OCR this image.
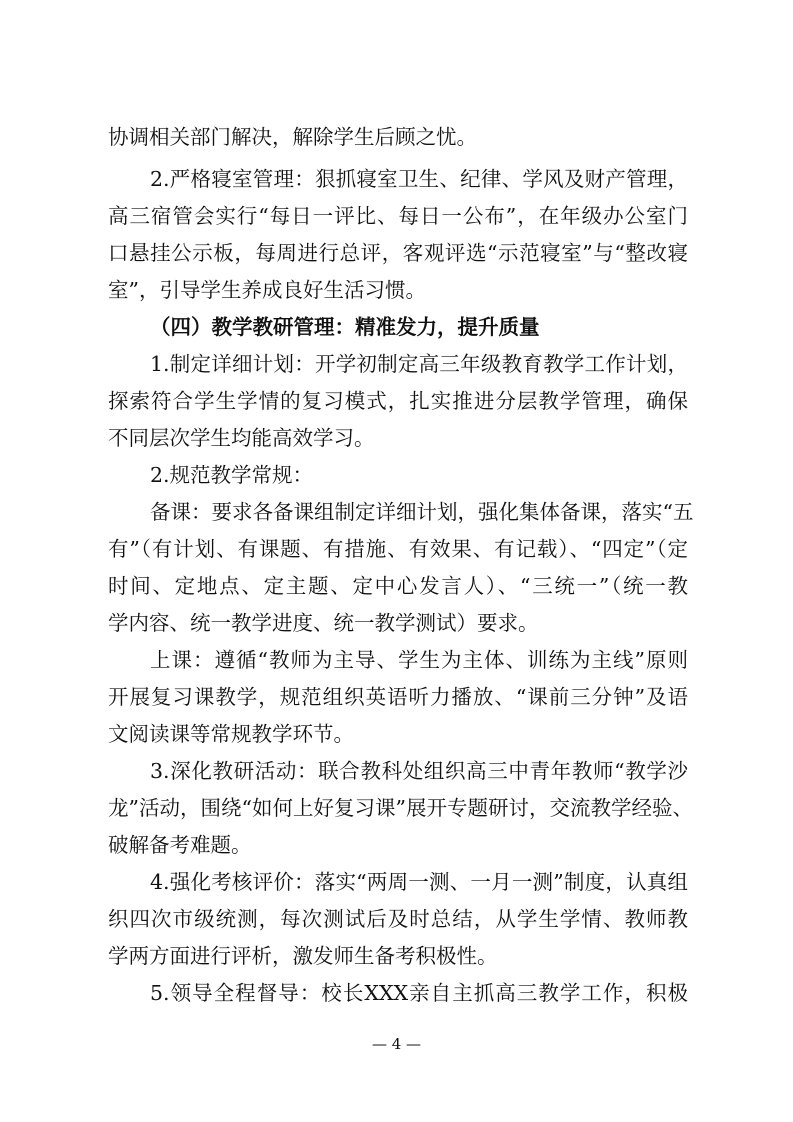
协调相关部门解决，解除学生后顾之忧。
2.严格寝室管理：狠抓寝室卫生、纪律、学风及财产管理，
高三宿管会实行“每日一评比、每日一公布”，在年级办公室门
口悬挂公示板，每周进行总评，客观评选“示范寝室”与“整改寝
室”，引导学生养成良好生活习惯。
（四）教学教研管理：精准发力，提升质量
1.制定详细计划：开学初制定高三年级教育教学工作计划，
探索符合学生学情的复习模式，扎实推进分层教学管理，确保
不同层次学生均能高效学习。
2.规范教学常规：
备课：要求各备课组制定详细计划，强化集体备课，落实“五
有”（有计划、有课题、有措施、有效果、有记载）、“四定”（定
时间、定地点、定主题、定中心发言人）、“三统一”（统一教
学内容、统一教学进度、统一教学测试）要求。
上课：遵循“教师为主导、学生为主体、训练为主线”原则
开展复习课教学，规范组织英语听力播放、“课前三分钟”及语
文阅读课等常规教学环节。
3.深化教研活动：联合教科处组织高三中青年教师“教学沙
龙”活动，围绕“如何上好复习课”展开专题研讨，交流教学经验、
破解备考难题。
4.强化考核评价：落实“两周一测、一月一测”制度，认真组
织四次市级统测，每次测试后及时总结，从学生学情、教师教
学两方面进行评析，激发师生备考积极性。
5.领导全程督导：校长XXX亲自主抓高三教学工作，积极
— 4 —
